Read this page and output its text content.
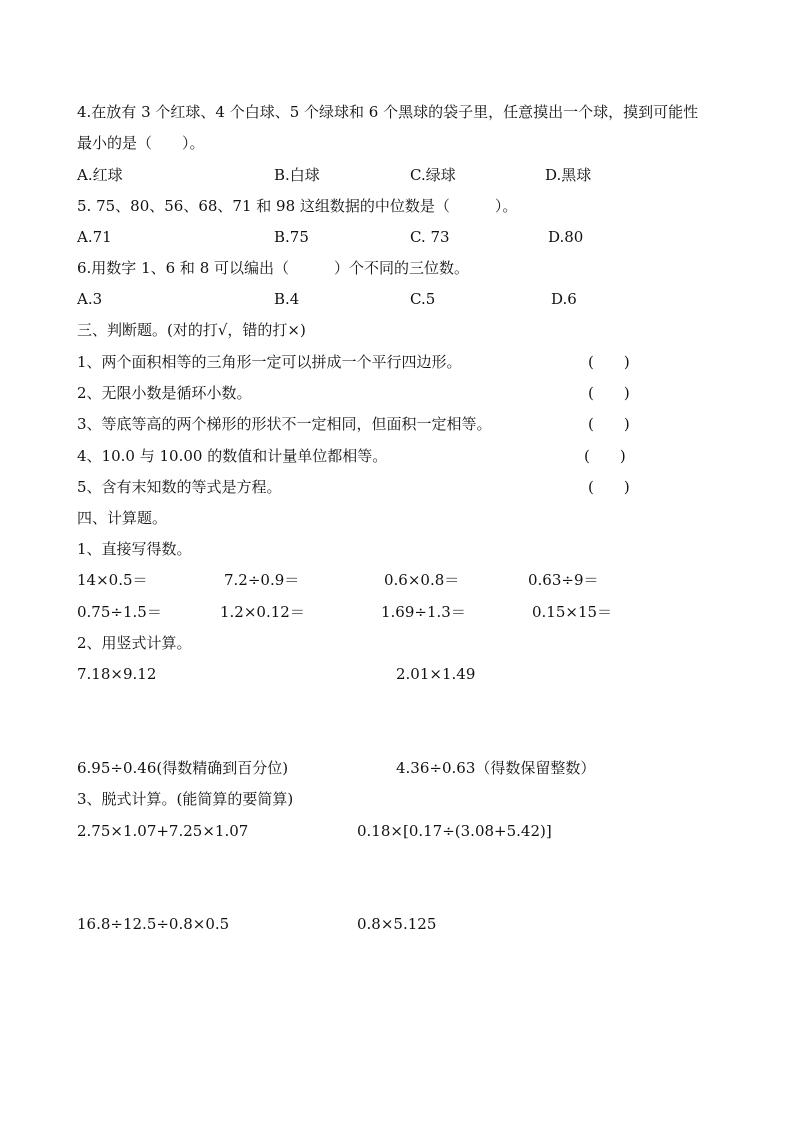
4.在放有 3 个红球、4 个白球、5 个绿球和 6 个黑球的袋子里，任意摸出一个球，摸到可能性
最小的是（　　）。
A.红球	B.白球	C.绿球	D.黑球
5. 75、80、56、68、71 和 98 这组数据的中位数是（　　　）。
A.71	B.75	C. 73	D.80
6.用数字 1、6 和 8 可以编出（　　　）个不同的三位数。
A.3	B.4	C.5	D.6
三、判断题。(对的打√，错的打×)
1、两个面积相等的三角形一定可以拼成一个平行四边形。	(　　)
2、无限小数是循环小数。	(　　)
3、等底等高的两个梯形的形状不一定相同，但面积一定相等。	(　　)
4、10.0 与 10.00 的数值和计量单位都相等。	(　　)
5、含有末知数的等式是方程。	(　　)
四、计算题。
1、直接写得数。
14×0.5＝	7.2÷0.9＝	0.6×0.8＝	0.63÷9＝
0.75÷1.5＝	1.2×0.12＝	1.69÷1.3＝	0.15×15＝
2、用竖式计算。
7.18×9.12	2.01×1.49
6.95÷0.46(得数精确到百分位)	4.36÷0.63（得数保留整数）
3、脱式计算。(能简算的要简算)
2.75×1.07+7.25×1.07	0.18×[0.17÷(3.08+5.42)]
16.8÷12.5÷0.8×0.5	0.8×5.125
